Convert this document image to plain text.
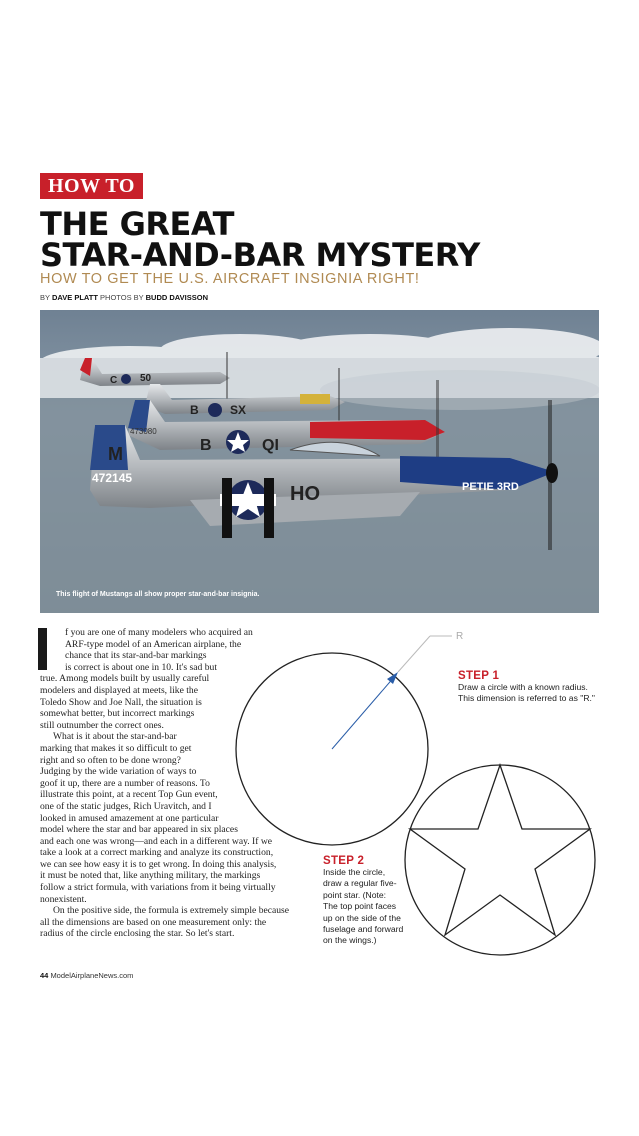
HOW TO
THE GREAT
STAR-AND-BAR MYSTERY
HOW TO GET THE U.S. AIRCRAFT INSIGNIA RIGHT!
BY DAVE PLATT PHOTOS BY BUDD DAVISSON
C 50
B	SX
B	QI
473080
HO
M
472145
PETIE 3RD
This flight of Mustangs all show proper star-and-bar insignia.
f you are one of many modelers who acquired an
ARF-type model of an American airplane, the
chance that its star-and-bar markings
is correct is about one in 10. It's sad but
true. Among models built by usually careful
modelers and displayed at meets, like the
Toledo Show and Joe Nall, the situation is
somewhat better, but incorrect markings
still outnumber the correct ones.
What is it about the star-and-bar
marking that makes it so difficult to get
right and so often to be done wrong?
Judging by the wide variation of ways to
goof it up, there are a number of reasons. To
illustrate this point, at a recent Top Gun event,
one of the static judges, Rich Uravitch, and I
looked in amused amazement at one particular
model where the star and bar appeared in six places
and each one was wrong—and each in a different way. If we
take a look at a correct marking and analyze its construction,
we can see how easy it is to get wrong. In doing this analysis,
it must be noted that, like anything military, the markings
follow a strict formula, with variations from it being virtually
nonexistent.
On the positive side, the formula is extremely simple because
all the dimensions are based on one measurement only: the
radius of the circle enclosing the star. So let's start.
R
STEP 1
Draw a circle with a known radius.
This dimension is referred to as "R."
STEP 2
Inside the circle,
draw a regular five-
point star. (Note:
The top point faces
up on the side of the
fuselage and forward
on the wings.)
44 ModelAirplaneNews.com
